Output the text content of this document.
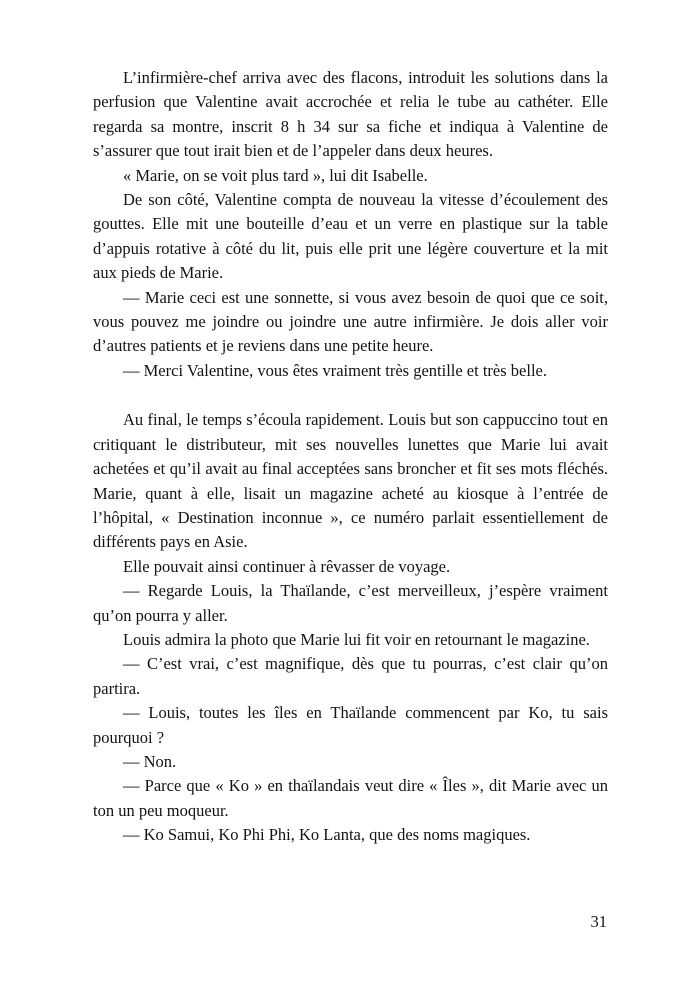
L’infirmière-chef arriva avec des flacons, introduit les solutions dans la perfusion que Valentine avait accrochée et relia le tube au cathéter. Elle regarda sa montre, inscrit 8 h 34 sur sa fiche et indiqua à Valentine de s’assurer que tout irait bien et de l’appeler dans deux heures.

« Marie, on se voit plus tard », lui dit Isabelle.

De son côté, Valentine compta de nouveau la vitesse d’écoulement des gouttes. Elle mit une bouteille d’eau et un verre en plastique sur la table d’appuis rotative à côté du lit, puis elle prit une légère couverture et la mit aux pieds de Marie.

— Marie ceci est une sonnette, si vous avez besoin de quoi que ce soit, vous pouvez me joindre ou joindre une autre infirmière. Je dois aller voir d’autres patients et je reviens dans une petite heure.

— Merci Valentine, vous êtes vraiment très gentille et très belle.

Au final, le temps s’écoula rapidement. Louis but son cappuccino tout en critiquant le distributeur, mit ses nouvelles lunettes que Marie lui avait achetées et qu’il avait au final acceptées sans broncher et fit ses mots fléchés. Marie, quant à elle, lisait un magazine acheté au kiosque à l’entrée de l’hôpital, « Destination inconnue », ce numéro parlait essentiellement de différents pays en Asie.

Elle pouvait ainsi continuer à rêvasser de voyage.

— Regarde Louis, la Thaïlande, c’est merveilleux, j’espère vraiment qu’on pourra y aller.

Louis admira la photo que Marie lui fit voir en retournant le magazine.

— C’est vrai, c’est magnifique, dès que tu pourras, c’est clair qu’on partira.

— Louis, toutes les îles en Thaïlande commencent par Ko, tu sais pourquoi ?

— Non.

— Parce que « Ko » en thaïlandais veut dire « Îles », dit Marie avec un ton un peu moqueur.

— Ko Samui, Ko Phi Phi, Ko Lanta, que des noms magiques.

31
